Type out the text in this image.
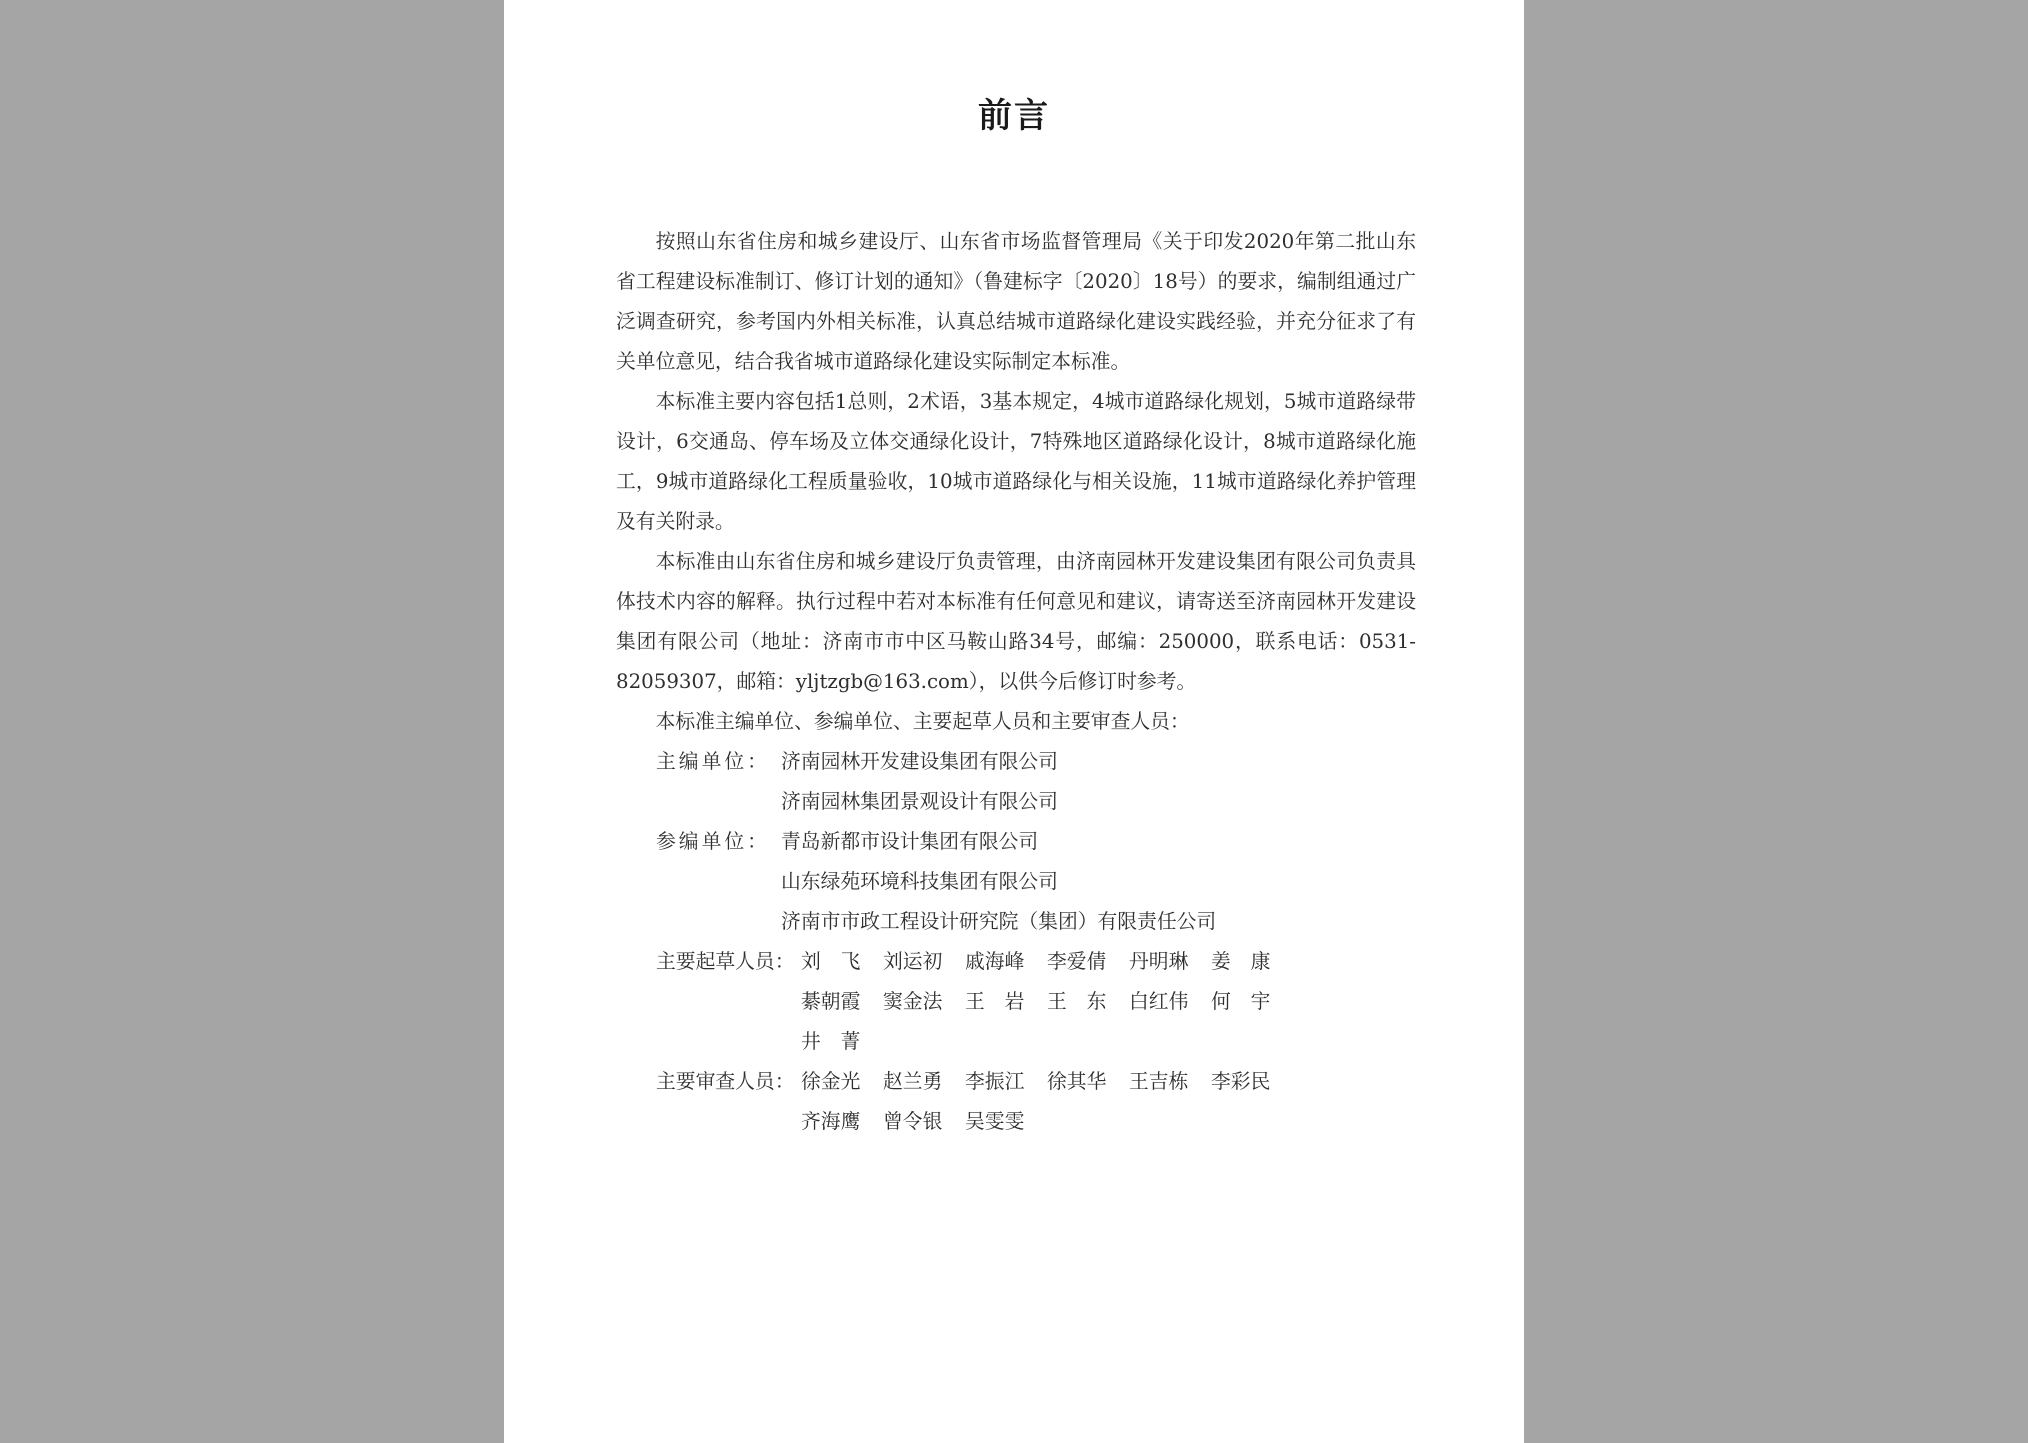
前言

按照山东省住房和城乡建设厅、山东省市场监督管理局《关于印发2020年第二批山东省工程建设标准制订、修订计划的通知》（鲁建标字〔2020〕18号）的要求，编制组通过广泛调查研究，参考国内外相关标准，认真总结城市道路绿化建设实践经验，并充分征求了有关单位意见，结合我省城市道路绿化建设实际制定本标准。

本标准主要内容包括1总则，2术语，3基本规定，4城市道路绿化规划，5城市道路绿带设计，6交通岛、停车场及立体交通绿化设计，7特殊地区道路绿化设计，8城市道路绿化施工，9城市道路绿化工程质量验收，10城市道路绿化与相关设施，11城市道路绿化养护管理及有关附录。

本标准由山东省住房和城乡建设厅负责管理，由济南园林开发建设集团有限公司负责具体技术内容的解释。执行过程中若对本标准有任何意见和建议，请寄送至济南园林开发建设集团有限公司（地址：济南市市中区马鞍山路34号，邮编：250000，联系电话：0531-82059307，邮箱：yljtzgb@163.com），以供今后修订时参考。

本标准主编单位、参编单位、主要起草人员和主要审查人员：

主编单位： 济南园林开发建设集团有限公司
济南园林集团景观设计有限公司
参编单位： 青岛新都市设计集团有限公司
山东绿苑环境科技集团有限公司
济南市市政工程设计研究院（集团）有限责任公司
主要起草人员： 刘　飞	刘运初	戚海峰	李爱倩	丹明琳	姜　康
綦朝霞	窦金法	王　岩	王　东	白红伟	何　宇
井　菁
主要审查人员： 徐金光	赵兰勇	李振江	徐其华	王吉栋	李彩民
齐海鹰	曾令银	吴雯雯
